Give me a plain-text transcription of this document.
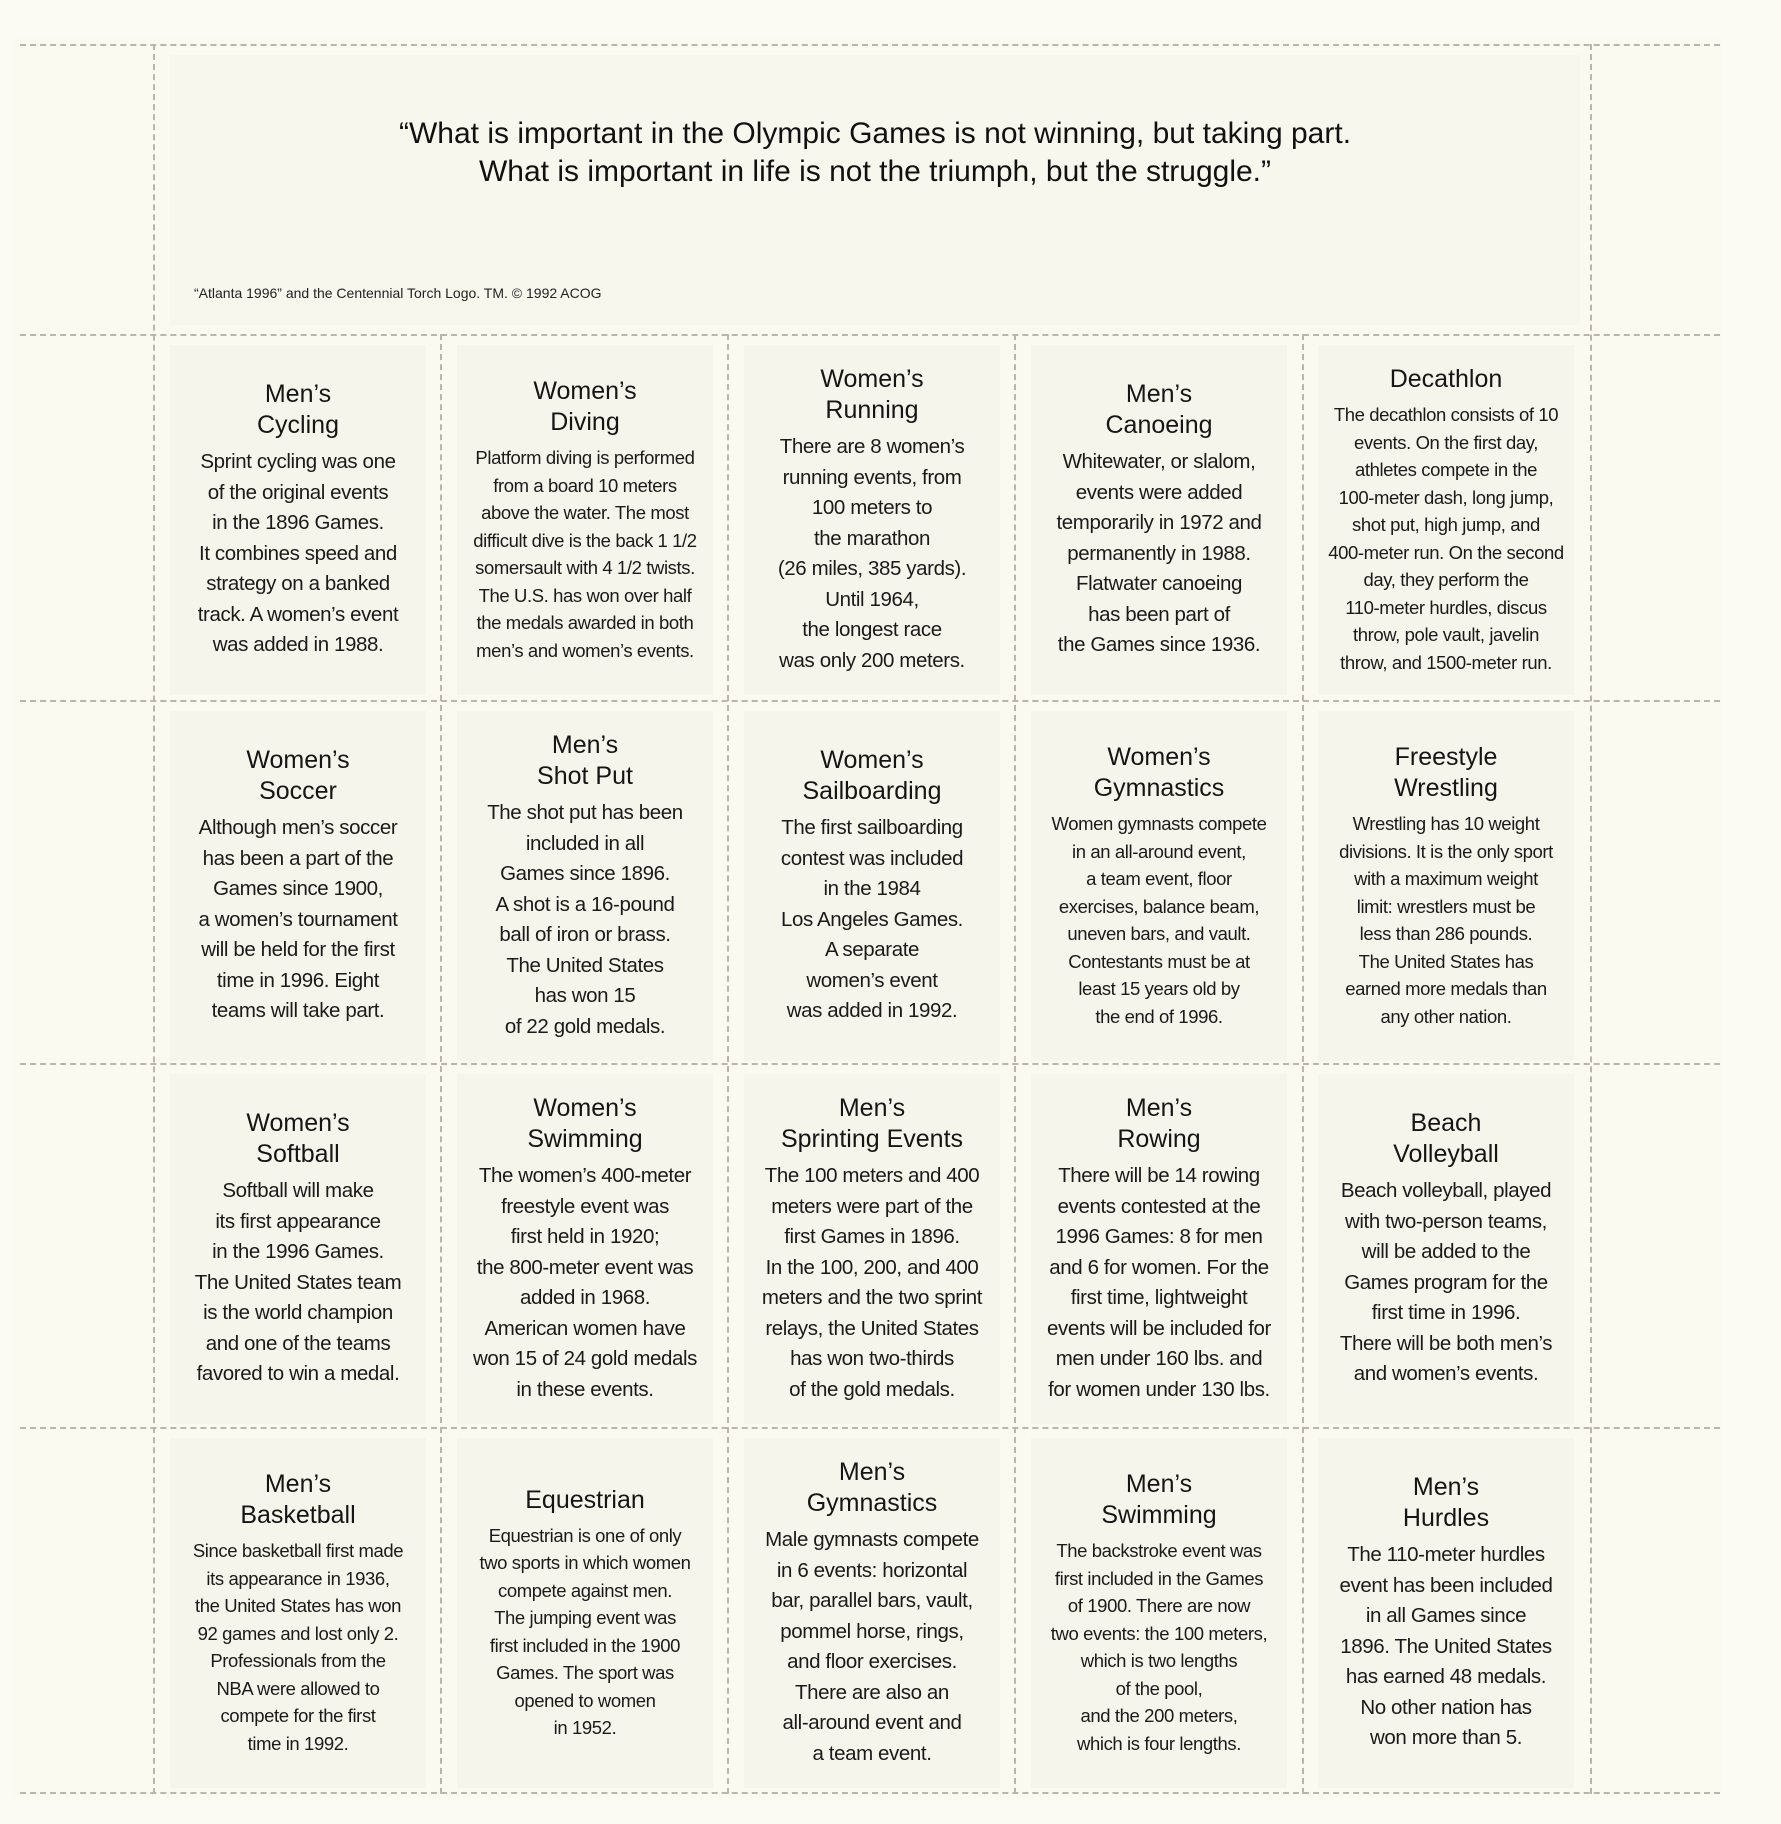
“What is important in the Olympic Games is not winning, but taking part.
What is important in life is not the triumph, but the struggle.”
“Atlanta 1996” and the Centennial Torch Logo. TM. © 1992 ACOG
Men’s
Cycling
Sprint cycling was one
of the original events
in the 1896 Games.
It combines speed and
strategy on a banked
track. A women’s event
was added in 1988.
Women’s
Diving
Platform diving is performed
from a board 10 meters
above the water. The most
difficult dive is the back 1 1/2
somersault with 4 1/2 twists.
The U.S. has won over half
the medals awarded in both
men’s and women’s events.
Women’s
Running
There are 8 women’s
running events, from
100 meters to
the marathon
(26 miles, 385 yards).
Until 1964,
the longest race
was only 200 meters.
Men’s
Canoeing
Whitewater, or slalom,
events were added
temporarily in 1972 and
permanently in 1988.
Flatwater canoeing
has been part of
the Games since 1936.
Decathlon
The decathlon consists of 10
events. On the first day,
athletes compete in the
100-meter dash, long jump,
shot put, high jump, and
400-meter run. On the second
day, they perform the
110-meter hurdles, discus
throw, pole vault, javelin
throw, and 1500-meter run.
Women’s
Soccer
Although men’s soccer
has been a part of the
Games since 1900,
a women’s tournament
will be held for the first
time in 1996. Eight
teams will take part.
Men’s
Shot Put
The shot put has been
included in all
Games since 1896.
A shot is a 16-pound
ball of iron or brass.
The United States
has won 15
of 22 gold medals.
Women’s
Sailboarding
The first sailboarding
contest was included
in the 1984
Los Angeles Games.
A separate
women’s event
was added in 1992.
Women’s
Gymnastics
Women gymnasts compete
in an all-around event,
a team event, floor
exercises, balance beam,
uneven bars, and vault.
Contestants must be at
least 15 years old by
the end of 1996.
Freestyle
Wrestling
Wrestling has 10 weight
divisions. It is the only sport
with a maximum weight
limit: wrestlers must be
less than 286 pounds.
The United States has
earned more medals than
any other nation.
Women’s
Softball
Softball will make
its first appearance
in the 1996 Games.
The United States team
is the world champion
and one of the teams
favored to win a medal.
Women’s
Swimming
The women’s 400-meter
freestyle event was
first held in 1920;
the 800-meter event was
added in 1968.
American women have
won 15 of 24 gold medals
in these events.
Men’s
Sprinting Events
The 100 meters and 400
meters were part of the
first Games in 1896.
In the 100, 200, and 400
meters and the two sprint
relays, the United States
has won two-thirds
of the gold medals.
Men’s
Rowing
There will be 14 rowing
events contested at the
1996 Games: 8 for men
and 6 for women. For the
first time, lightweight
events will be included for
men under 160 lbs. and
for women under 130 lbs.
Beach
Volleyball
Beach volleyball, played
with two-person teams,
will be added to the
Games program for the
first time in 1996.
There will be both men’s
and women’s events.
Men’s
Basketball
Since basketball first made
its appearance in 1936,
the United States has won
92 games and lost only 2.
Professionals from the
NBA were allowed to
compete for the first
time in 1992.
Equestrian
Equestrian is one of only
two sports in which women
compete against men.
The jumping event was
first included in the 1900
Games. The sport was
opened to women
in 1952.
Men’s
Gymnastics
Male gymnasts compete
in 6 events: horizontal
bar, parallel bars, vault,
pommel horse, rings,
and floor exercises.
There are also an
all-around event and
a team event.
Men’s
Swimming
The backstroke event was
first included in the Games
of 1900. There are now
two events: the 100 meters,
which is two lengths
of the pool,
and the 200 meters,
which is four lengths.
Men’s
Hurdles
The 110-meter hurdles
event has been included
in all Games since
1896. The United States
has earned 48 medals.
No other nation has
won more than 5.
